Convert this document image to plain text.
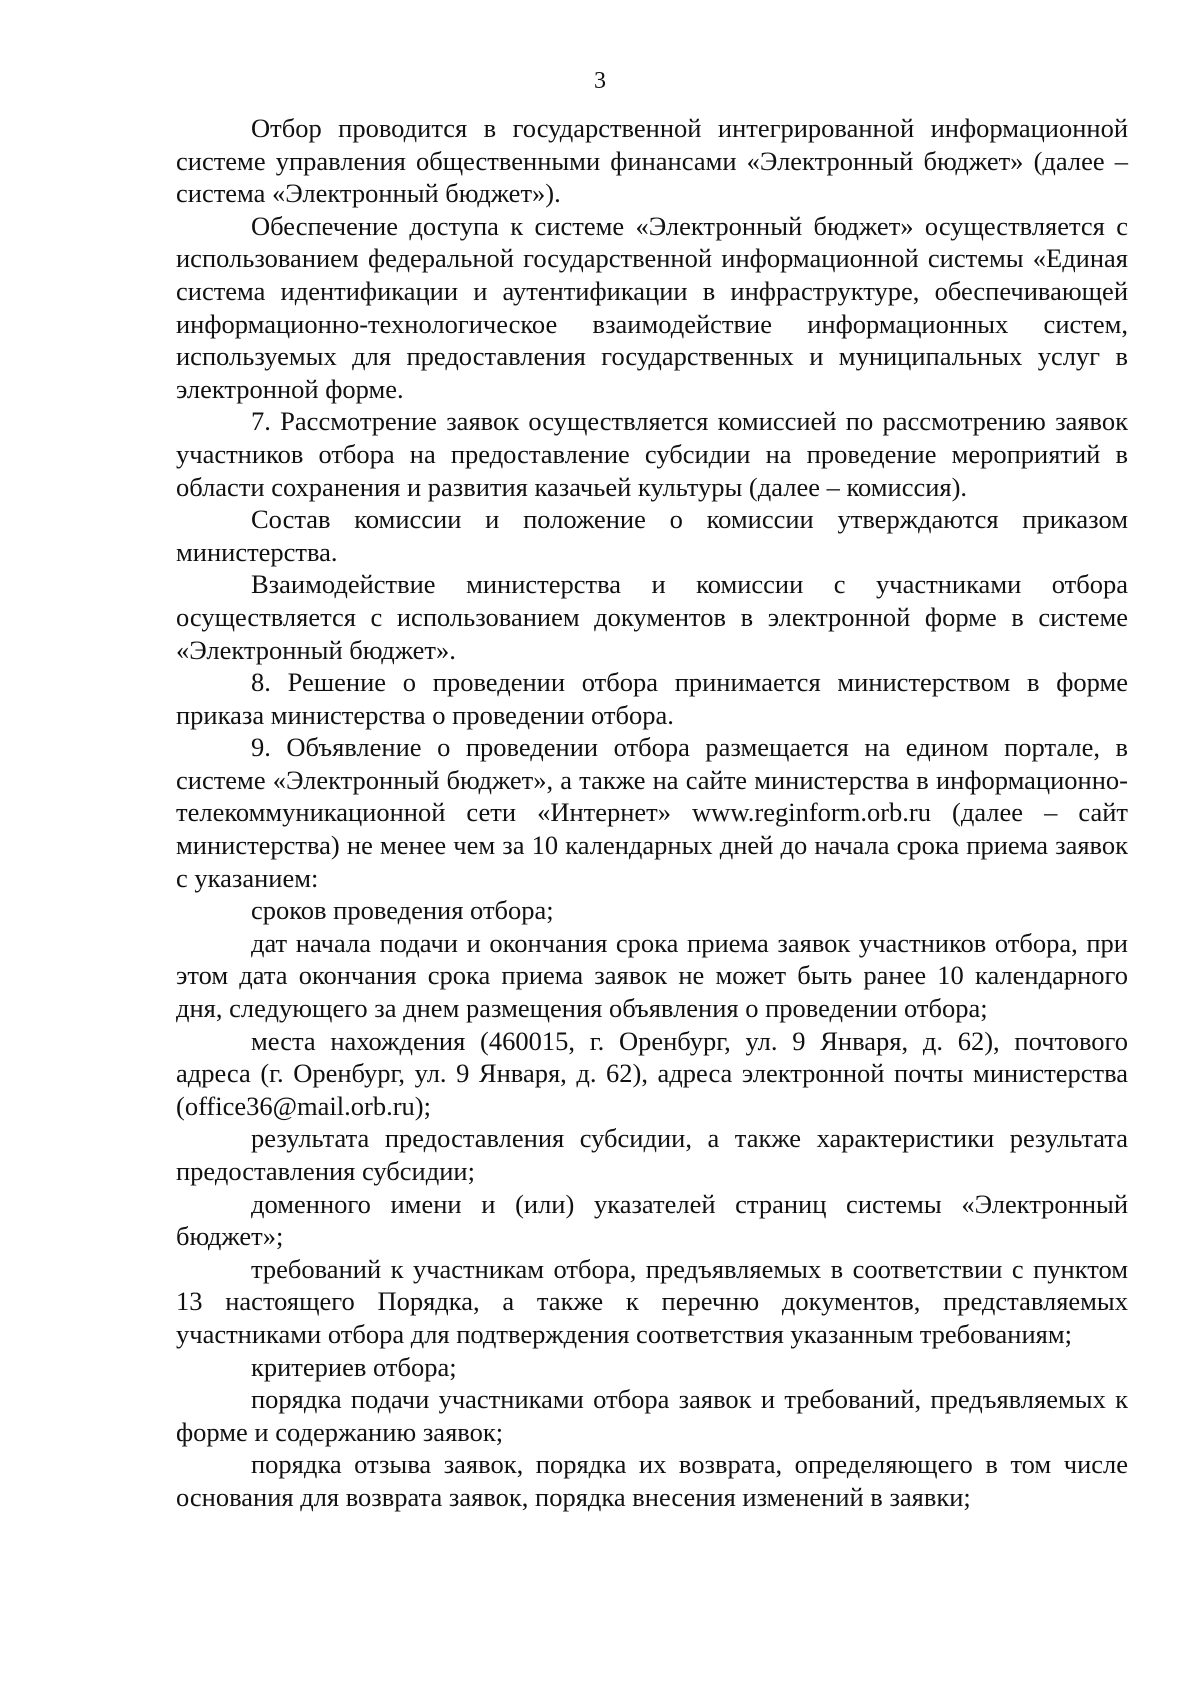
3

Отбор проводится в государственной интегрированной информационной системе управления общественными финансами «Электронный бюджет» (далее – система «Электронный бюджет»).

Обеспечение доступа к системе «Электронный бюджет» осуществляется с использованием федеральной государственной информационной системы «Единая система идентификации и аутентификации в инфраструктуре, обеспечивающей информационно-технологическое взаимодействие информационных систем, используемых для предоставления государственных и муниципальных услуг в электронной форме.

7. Рассмотрение заявок осуществляется комиссией по рассмотрению заявок участников отбора на предоставление субсидии на проведение мероприятий в области сохранения и развития казачьей культуры (далее – комиссия).

Состав комиссии и положение о комиссии утверждаются приказом министерства.

Взаимодействие министерства и комиссии с участниками отбора осуществляется с использованием документов в электронной форме в системе «Электронный бюджет».

8. Решение о проведении отбора принимается министерством в форме приказа министерства о проведении отбора.

9. Объявление о проведении отбора размещается на едином портале, в системе «Электронный бюджет», а также на сайте министерства в информационно-телекоммуникационной сети «Интернет» www.reginform.orb.ru (далее – сайт министерства) не менее чем за 10 календарных дней до начала срока приема заявок с указанием:

сроков проведения отбора;

дат начала подачи и окончания срока приема заявок участников отбора, при этом дата окончания срока приема заявок не может быть ранее 10 календарного дня, следующего за днем размещения объявления о проведении отбора;

места нахождения (460015, г. Оренбург, ул. 9 Января, д. 62), почтового адреса (г. Оренбург, ул. 9 Января, д. 62), адреса электронной почты министерства (office36@mail.orb.ru);

результата предоставления субсидии, а также характеристики результата предоставления субсидии;

доменного имени и (или) указателей страниц системы «Электронный бюджет»;

требований к участникам отбора, предъявляемых в соответствии с пунктом 13 настоящего Порядка, а также к перечню документов, представляемых участниками отбора для подтверждения соответствия указанным требованиям;

критериев отбора;

порядка подачи участниками отбора заявок и требований, предъявляемых к форме и содержанию заявок;

порядка отзыва заявок, порядка их возврата, определяющего в том числе основания для возврата заявок, порядка внесения изменений в заявки;
